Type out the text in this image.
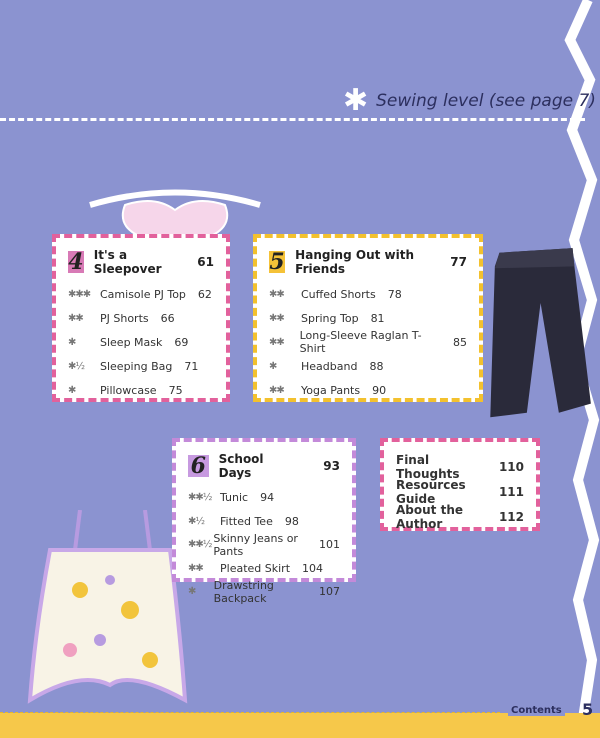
✱ Sewing level (see page 7)
4 It's a Sleepover	61
✱✱✱ Camisole PJ Top 62
✱✱	PJ Shorts 66
✱	Sleep Mask 69
✱½	Sleeping Bag 71
✱	Pillowcase 75
5 Hanging Out with Friends	77
✱✱	Cuffed Shorts 78
✱✱	Spring Top 81
✱✱	Long-Sleeve Raglan T-Shirt	85
✱	Headband 88
✱✱	Yoga Pants 90
6 School Days	93
✱✱½ Tunic 94
✱½	Fitted Tee 98
✱✱½ Skinny Jeans or Pants	101
✱✱	Pleated Skirt 104
✱	Drawstring Backpack	107
Final Thoughts	110
Resources Guide	111
About the Author	112
Contents 5
